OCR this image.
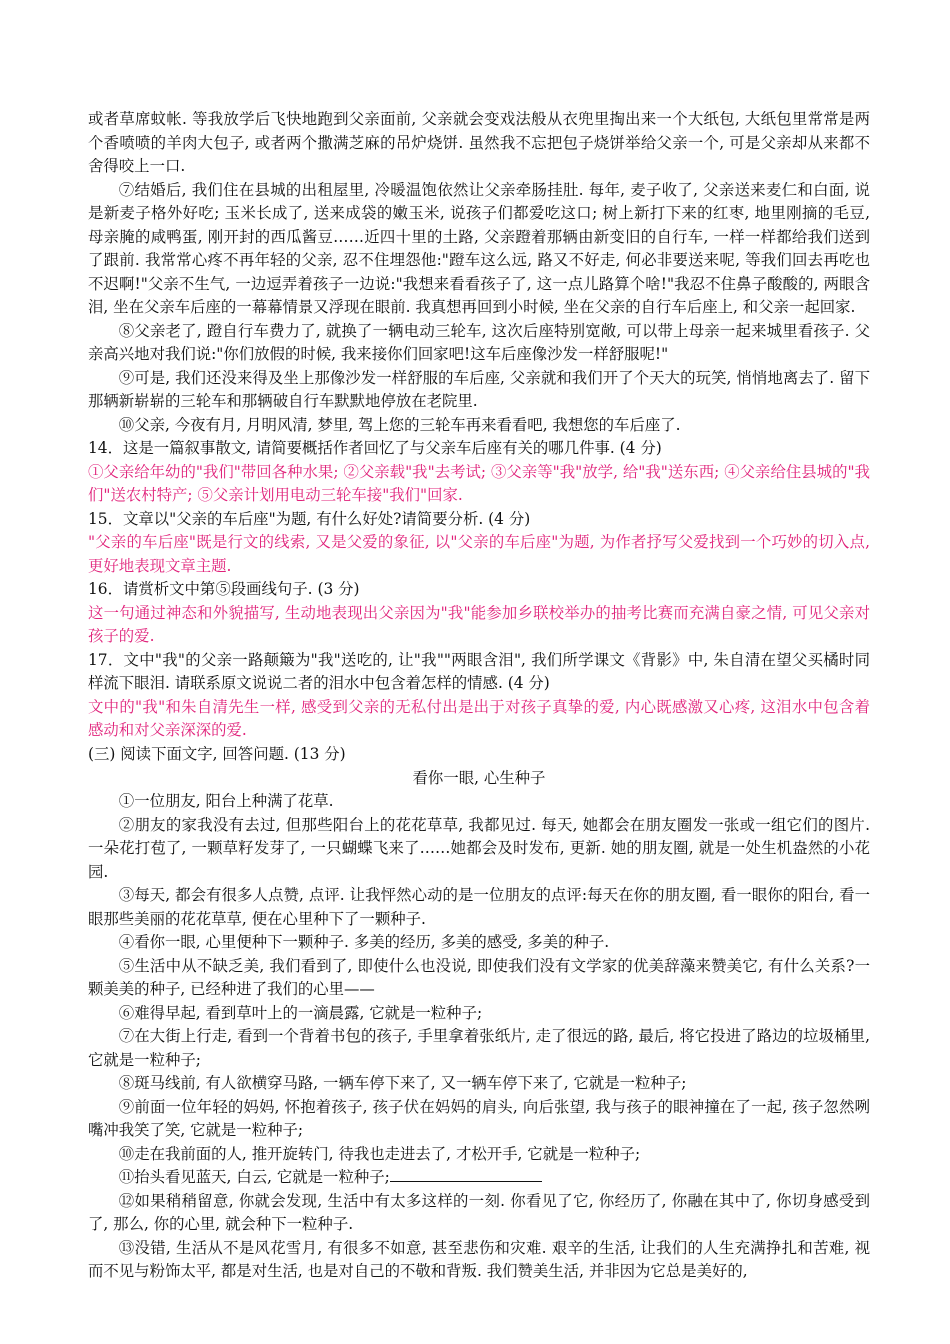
或者草席蚊帐. 等我放学后飞快地跑到父亲面前, 父亲就会变戏法般从衣兜里掏出来一个大纸包, 大纸包里常常是两个香喷喷的羊肉大包子, 或者两个撒满芝麻的吊炉烧饼. 虽然我不忘把包子烧饼举给父亲一个, 可是父亲却从来都不舍得咬上一口.

⑦结婚后, 我们住在县城的出租屋里, 冷暖温饱依然让父亲牵肠挂肚. 每年, 麦子收了, 父亲送来麦仁和白面, 说是新麦子格外好吃; 玉米长成了, 送来成袋的嫩玉米, 说孩子们都爱吃这口; 树上新打下来的红枣, 地里刚摘的毛豆, 母亲腌的咸鸭蛋, 刚开封的西瓜酱豆……近四十里的土路, 父亲蹬着那辆由新变旧的自行车, 一样一样都给我们送到了跟前. 我常常心疼不再年轻的父亲, 忍不住埋怨他:"蹬车这么远, 路又不好走, 何必非要送来呢, 等我们回去再吃也不迟啊!"父亲不生气, 一边逗弄着孩子一边说:"我想来看看孩子了, 这一点儿路算个啥!"我忍不住鼻子酸酸的, 两眼含泪, 坐在父亲车后座的一幕幕情景又浮现在眼前. 我真想再回到小时候, 坐在父亲的自行车后座上, 和父亲一起回家.

⑧父亲老了, 蹬自行车费力了, 就换了一辆电动三轮车, 这次后座特别宽敞, 可以带上母亲一起来城里看孩子. 父亲高兴地对我们说:"你们放假的时候, 我来接你们回家吧!这车后座像沙发一样舒服呢!"

⑨可是, 我们还没来得及坐上那像沙发一样舒服的车后座, 父亲就和我们开了个天大的玩笑, 悄悄地离去了. 留下那辆新崭崭的三轮车和那辆破自行车默默地停放在老院里.

⑩父亲, 今夜有月, 月明风清, 梦里, 驾上您的三轮车再来看看吧, 我想您的车后座了.

14．这是一篇叙事散文, 请简要概括作者回忆了与父亲车后座有关的哪几件事. (4 分)

①父亲给年幼的"我们"带回各种水果; ②父亲载"我"去考试; ③父亲等"我"放学, 给"我"送东西; ④父亲给住县城的"我们"送农村特产; ⑤父亲计划用电动三轮车接"我们"回家.

15．文章以"父亲的车后座"为题, 有什么好处?请简要分析. (4 分)

"父亲的车后座"既是行文的线索, 又是父爱的象征, 以"父亲的车后座"为题, 为作者抒写父爱找到一个巧妙的切入点, 更好地表现文章主题.

16．请赏析文中第⑤段画线句子. (3 分)

这一句通过神态和外貌描写, 生动地表现出父亲因为"我"能参加乡联校举办的抽考比赛而充满自豪之情, 可见父亲对孩子的爱.

17．文中"我"的父亲一路颠簸为"我"送吃的, 让"我""两眼含泪", 我们所学课文《背影》中, 朱自清在望父买橘时同样流下眼泪. 请联系原文说说二者的泪水中包含着怎样的情感. (4 分)

文中的"我"和朱自清先生一样, 感受到父亲的无私付出是出于对孩子真挚的爱, 内心既感激又心疼, 这泪水中包含着感动和对父亲深深的爱.

(三) 阅读下面文字, 回答问题. (13 分)

看你一眼, 心生种子

①一位朋友, 阳台上种满了花草.

②朋友的家我没有去过, 但那些阳台上的花花草草, 我都见过. 每天, 她都会在朋友圈发一张或一组它们的图片. 一朵花打苞了, 一颗草籽发芽了, 一只蝴蝶飞来了……她都会及时发布, 更新. 她的朋友圈, 就是一处生机盎然的小花园.

③每天, 都会有很多人点赞, 点评. 让我怦然心动的是一位朋友的点评:每天在你的朋友圈, 看一眼你的阳台, 看一眼那些美丽的花花草草, 便在心里种下了一颗种子.

④看你一眼, 心里便种下一颗种子. 多美的经历, 多美的感受, 多美的种子.

⑤生活中从不缺乏美, 我们看到了, 即使什么也没说, 即使我们没有文学家的优美辞藻来赞美它, 有什么关系?一颗美美的种子, 已经种进了我们的心里——

⑥难得早起, 看到草叶上的一滴晨露, 它就是一粒种子;

⑦在大街上行走, 看到一个背着书包的孩子, 手里拿着张纸片, 走了很远的路, 最后, 将它投进了路边的垃圾桶里, 它就是一粒种子;

⑧斑马线前, 有人欲横穿马路, 一辆车停下来了, 又一辆车停下来了, 它就是一粒种子;

⑨前面一位年轻的妈妈, 怀抱着孩子, 孩子伏在妈妈的肩头, 向后张望, 我与孩子的眼神撞在了一起, 孩子忽然咧嘴冲我笑了笑, 它就是一粒种子;

⑩走在我前面的人, 推开旋转门, 待我也走进去了, 才松开手, 它就是一粒种子;

⑪抬头看见蓝天, 白云, 它就是一粒种子;

⑫如果稍稍留意, 你就会发现, 生活中有太多这样的一刻. 你看见了它, 你经历了, 你融在其中了, 你切身感受到了, 那么, 你的心里, 就会种下一粒种子.

⑬没错, 生活从不是风花雪月, 有很多不如意, 甚至悲伤和灾难. 艰辛的生活, 让我们的人生充满挣扎和苦难, 视而不见与粉饰太平, 都是对生活, 也是对自己的不敬和背叛. 我们赞美生活, 并非因为它总是美好的,
